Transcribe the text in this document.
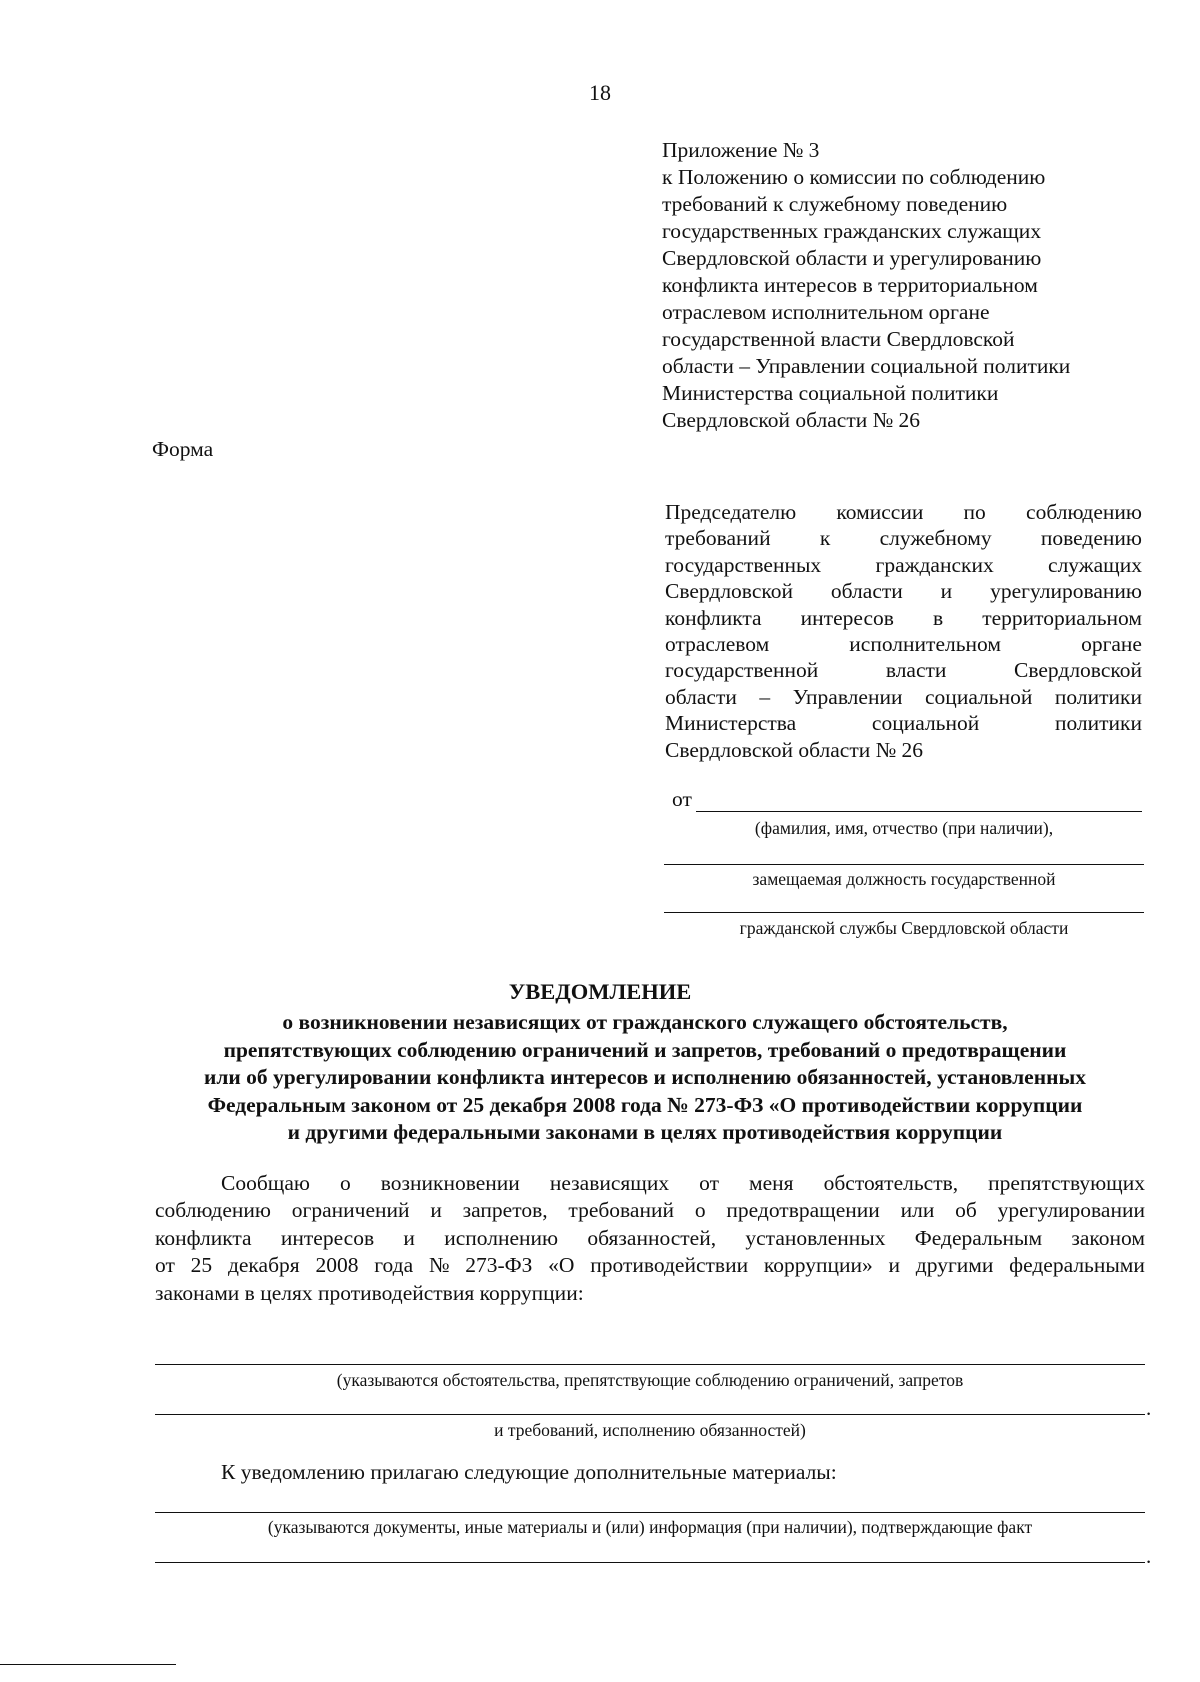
18
Приложение № 3
к Положению о комиссии по соблюдению
требований к служебному поведению
государственных гражданских служащих
Свердловской области и урегулированию
конфликта интересов в территориальном
отраслевом исполнительном органе
государственной власти Свердловской
области – Управлении социальной политики
Министерства социальной политики
Свердловской области № 26
Форма
Председателю комиссии по соблюдению
требований к служебному поведению
государственных	гражданских	служащих
Свердловской области и урегулированию
конфликта интересов в территориальном
отраслевом	исполнительном	органе
государственной	власти	Свердловской
области – Управлении социальной политики
Министерства	социальной	политики
Свердловской области № 26
от
(фамилия, имя, отчество (при наличии),
замещаемая должность государственной
гражданской службы Свердловской области
УВЕДОМЛЕНИЕ
о возникновении независящих от гражданского служащего обстоятельств,
препятствующих соблюдению ограничений и запретов, требований о предотвращении
или об урегулировании конфликта интересов и исполнению обязанностей, установленных
Федеральным законом от 25 декабря 2008 года № 273-ФЗ «О противодействии коррупции
и другими федеральными законами в целях противодействия коррупции
Сообщаю о возникновении независящих от меня обстоятельств, препятствующих
соблюдению ограничений и запретов, требований о предотвращении или об урегулировании
конфликта интересов и исполнению обязанностей, установленных Федеральным законом
от 25 декабря 2008 года № 273-ФЗ «О противодействии коррупции» и другими федеральными
законами в целях противодействия коррупции:
(указываются обстоятельства, препятствующие соблюдению ограничений, запретов
.
и требований, исполнению обязанностей)
К уведомлению прилагаю следующие дополнительные материалы:
(указываются документы, иные материалы и (или) информация (при наличии), подтверждающие факт
.
